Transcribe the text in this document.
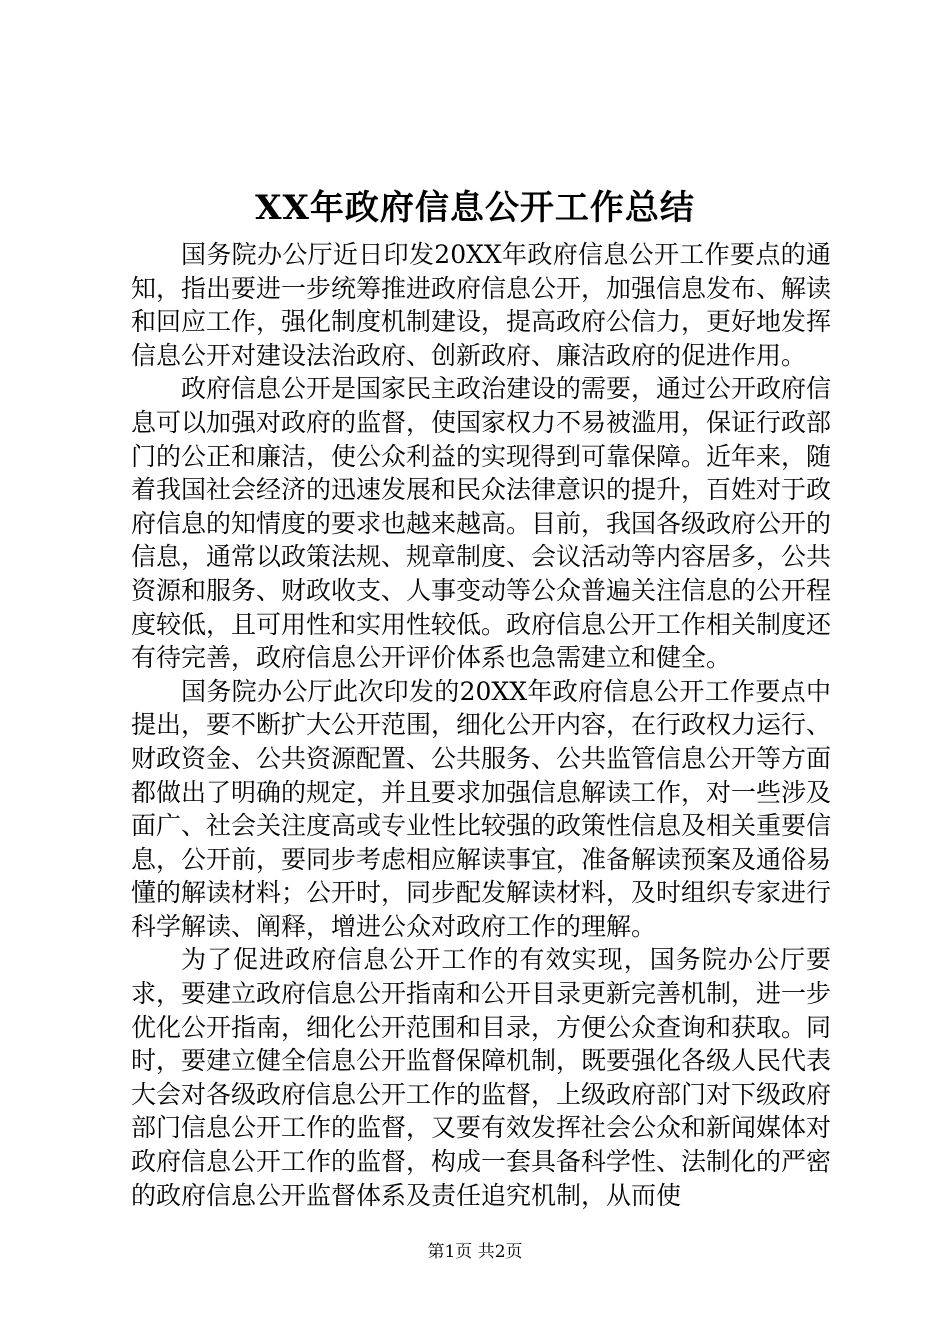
XX年政府信息公开工作总结

国务院办公厅近日印发20XX年政府信息公开工作要点的通知，指出要进一步统筹推进政府信息公开，加强信息发布、解读和回应工作，强化制度机制建设，提高政府公信力，更好地发挥信息公开对建设法治政府、创新政府、廉洁政府的促进作用。

政府信息公开是国家民主政治建设的需要，通过公开政府信息可以加强对政府的监督，使国家权力不易被滥用，保证行政部门的公正和廉洁，使公众利益的实现得到可靠保障。近年来，随着我国社会经济的迅速发展和民众法律意识的提升，百姓对于政府信息的知情度的要求也越来越高。目前，我国各级政府公开的信息，通常以政策法规、规章制度、会议活动等内容居多，公共资源和服务、财政收支、人事变动等公众普遍关注信息的公开程度较低，且可用性和实用性较低。政府信息公开工作相关制度还有待完善，政府信息公开评价体系也急需建立和健全。

国务院办公厅此次印发的20XX年政府信息公开工作要点中提出，要不断扩大公开范围，细化公开内容，在行政权力运行、财政资金、公共资源配置、公共服务、公共监管信息公开等方面都做出了明确的规定，并且要求加强信息解读工作，对一些涉及面广、社会关注度高或专业性比较强的政策性信息及相关重要信息，公开前，要同步考虑相应解读事宜，准备解读预案及通俗易懂的解读材料；公开时，同步配发解读材料，及时组织专家进行科学解读、阐释，增进公众对政府工作的理解。

为了促进政府信息公开工作的有效实现，国务院办公厅要求，要建立政府信息公开指南和公开目录更新完善机制，进一步优化公开指南，细化公开范围和目录，方便公众查询和获取。同时，要建立健全信息公开监督保障机制，既要强化各级人民代表大会对各级政府信息公开工作的监督，上级政府部门对下级政府部门信息公开工作的监督，又要有效发挥社会公众和新闻媒体对政府信息公开工作的监督，构成一套具备科学性、法制化的严密的政府信息公开监督体系及责任追究机制，从而使

第1页 共2页
